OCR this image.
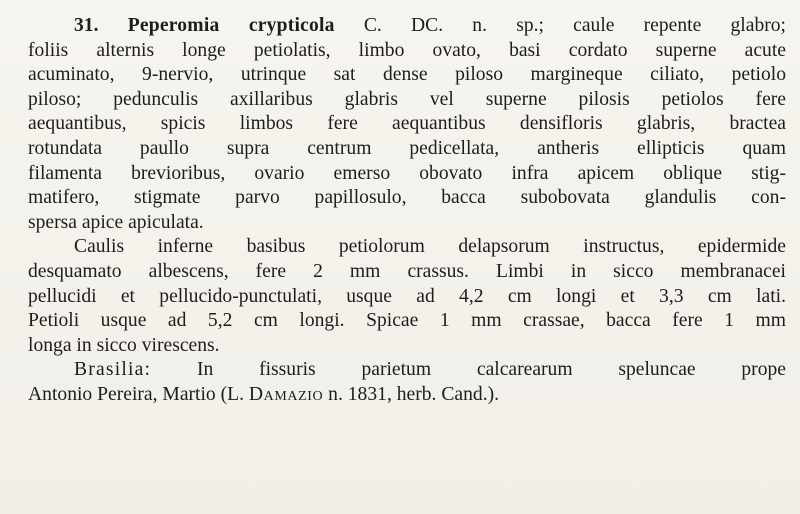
31. Peperomia crypticola C. DC. n. sp.; caule repente glabro;
foliis alternis longe petiolatis, limbo ovato, basi cordato superne acute
acuminato, 9-nervio, utrinque sat dense piloso margineque ciliato, petiolo
piloso; pedunculis axillaribus glabris vel superne pilosis petiolos fere
aequantibus, spicis limbos fere aequantibus densifloris glabris, bractea
rotundata paullo supra centrum pedicellata, antheris ellipticis quam
filamenta brevioribus, ovario emerso obovato infra apicem oblique stig-
matifero, stigmate parvo papillosulo, bacca subobovata glandulis con-
spersa apice apiculata.
Caulis inferne basibus petiolorum delapsorum instructus, epidermide
desquamato albescens, fere 2 mm crassus. Limbi in sicco membranacei
pellucidi et pellucido-punctulati, usque ad 4,2 cm longi et 3,3 cm lati.
Petioli usque ad 5,2 cm longi. Spicae 1 mm crassae, bacca fere 1 mm
longa in sicco virescens.
Brasilia: In fissuris parietum calcarearum speluncae prope
Antonio Pereira, Martio (L. Damazio n. 1831, herb. Cand.).
